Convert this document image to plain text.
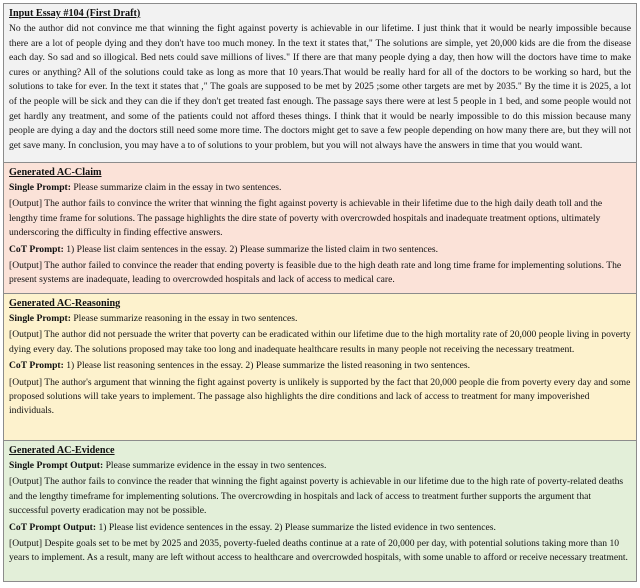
Input Essay #104 (First Draft)

No the author did not convince me that winning the fight against poverty is achievable in our lifetime. I just think that it would be nearly impossible because there are a lot of people dying and they don't have too much money. In the text it states that," The solutions are simple, yet 20,000 kids are die from the disease each day. So sad and so illogical. Bed nets could save millions of lives." If there are that many people dying a day, then how will the doctors have time to make cures or anything? All of the solutions could take as long as more that 10 years.That would be really hard for all of the doctors to be working so hard, but the solutions to take for ever. In the text it states that ," The goals are supposed to be met by 2025 ;some other targets are met by 2035." By the time it is 2025, a lot of the people will be sick and they can die if they don't get treated fast enough. The passage says there were at lest 5 people in 1 bed, and some people would not get hardly any treatment, and some of the patients could not afford theses things. I think that it would be nearly impossible to do this mission because many people are dying a day and the doctors still need some more time. The doctors might get to save a few people depending on how many there are, but they will not get save many. In conclusion, you may have a to of solutions to your problem, but you will not always have the answers in time that you would want.

Generated AC-Claim
Single Prompt: Please summarize claim in the essay in two sentences.
[Output] The author fails to convince the writer that winning the fight against poverty is achievable in their lifetime due to the high daily death toll and the lengthy time frame for solutions. The passage highlights the dire state of poverty with overcrowded hospitals and inadequate treatment options, ultimately underscoring the difficulty in finding effective answers.
CoT Prompt: 1) Please list claim sentences in the essay. 2) Please summarize the listed claim in two sentences.
[Output] The author failed to convince the reader that ending poverty is feasible due to the high death rate and long time frame for implementing solutions. The present systems are inadequate, leading to overcrowded hospitals and lack of access to medical care.
Generated AC-Reasoning
Single Prompt: Please summarize reasoning in the essay in two sentences.
[Output] The author did not persuade the writer that poverty can be eradicated within our lifetime due to the high mortality rate of 20,000 people living in poverty dying every day. The solutions proposed may take too long and inadequate healthcare results in many people not receiving the necessary treatment.
CoT Prompt: 1) Please list reasoning sentences in the essay. 2) Please summarize the listed reasoning in two sentences.
[Output] The author's argument that winning the fight against poverty is unlikely is supported by the fact that 20,000 people die from poverty every day and some proposed solutions will take years to implement. The passage also highlights the dire conditions and lack of access to treatment for many impoverished individuals.
Generated AC-Evidence
Single Prompt Output: Please summarize evidence in the essay in two sentences.
[Output] The author fails to convince the reader that winning the fight against poverty is achievable in our lifetime due to the high rate of poverty-related deaths and the lengthy timeframe for implementing solutions. The overcrowding in hospitals and lack of access to treatment further supports the argument that successful poverty eradication may not be possible.
CoT Prompt Output: 1) Please list evidence sentences in the essay. 2) Please summarize the listed evidence in two sentences.
[Output] Despite goals set to be met by 2025 and 2035, poverty-fueled deaths continue at a rate of 20,000 per day, with potential solutions taking more than 10 years to implement. As a result, many are left without access to healthcare and overcrowded hospitals, with some unable to afford or receive necessary treatment.
